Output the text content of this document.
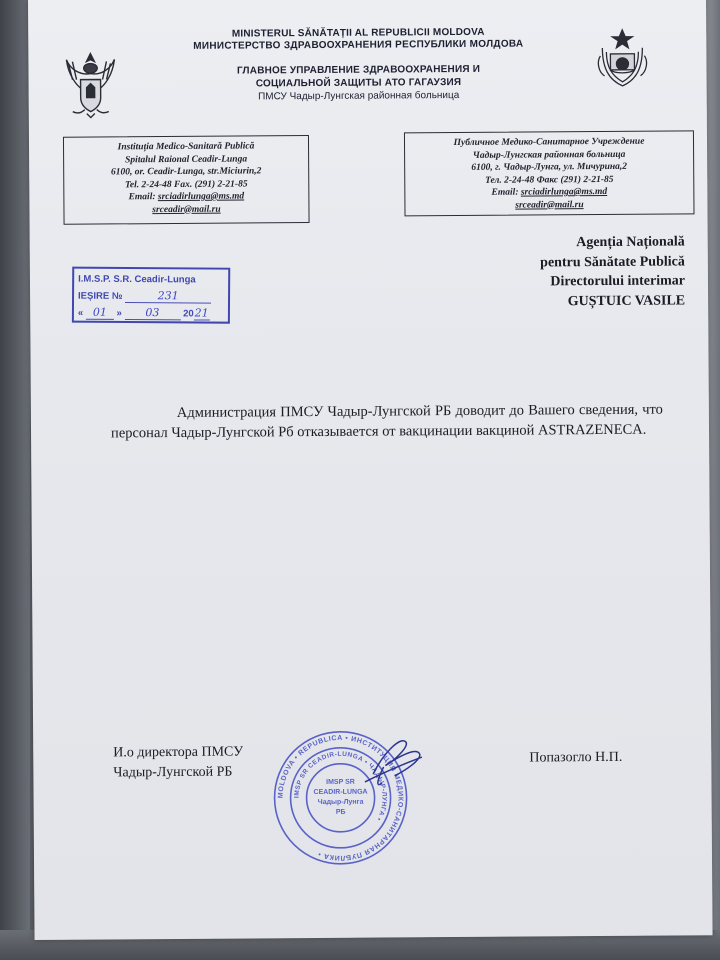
MINISTERUL SĂNĂTAȚII AL REPUBLICII MOLDOVA
МИНИСТЕРСТВО ЗДРАВООХРАНЕНИЯ РЕСПУБЛИКИ МОЛДОВА
ГЛАВНОЕ УПРАВЛЕНИЕ ЗДРАВООХРАНЕНИЯ И
СОЦИАЛЬНОЙ ЗАЩИТЫ АТО ГАГАУЗИЯ
ПМСУ Чадыр-Лунгская районная больница
Instituția Medico-Sanitară Publică
Spitalul Raional Ceadir-Lunga
6100, or. Ceadir-Lunga, str.Miciurin,2
Tel. 2-24-48 Fax. (291) 2-21-85
Email: srciadirlunga@ms.md
srceadir@mail.ru
Публичное Медико-Санитарное Учреждение
Чадыр-Лунгская районная больница
6100, г. Чадыр-Лунга, ул. Мичурина,2
Тел. 2-24-48 Факс (291) 2-21-85
Email: srciadirlunga@ms.md
srceadir@mail.ru
Agenția Națională
pentru Sănătate Publică
Directorului interimar
GUȘTUIC VASILE
I.M.S.P. S.R. Ceadir-Lunga
IEȘIRE №	231
« 01 » 03 2021

Администрация ПМСУ Чадыр-Лунгской РБ доводит до Вашего сведения, что персонал Чадыр-Лунгской Рб отказывается от вакцинации вакциной ASTRAZENECA.

И.о директора ПМСУ
Чадыр-Лунгской РБ
Попазогло Н.П.
MOLDOVA • REPUBLICA • ИНСТИТУЦИЯ МЕДИКО-САНИТАРНАЯ ПУБЛИКА •
IMSP SR CEADIR-LUNGA • ЧАДЫР-ЛУНГА •
IMSP SR
CEADIR-LUNGA
Чадыр-Лунга
РБ
